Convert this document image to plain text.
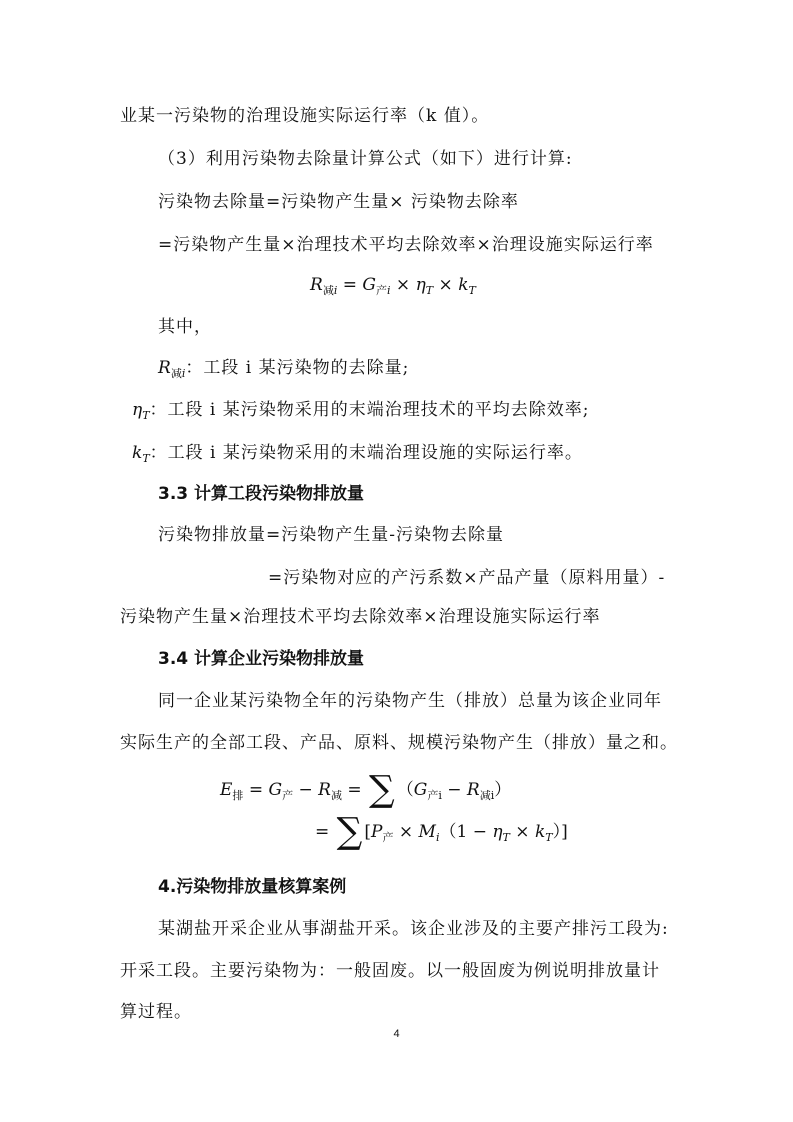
业某一污染物的治理设施实际运行率（k 值）。
（3）利用污染物去除量计算公式（如下）进行计算:
污染物去除量=污染物产生量× 污染物去除率
=污染物产生量×治理技术平均去除效率×治理设施实际运行率
$R_{减i} = G_{产i} \times \eta_T \times k_T$
其中，
$R_{减i}$：工段 i 某污染物的去除量;
$\eta_T$：工段 i 某污染物采用的末端治理技术的平均去除效率;
$k_T$：工段 i 某污染物采用的末端治理设施的实际运行率。
3.3 计算工段污染物排放量
污染物排放量=污染物产生量-污染物去除量
=污染物对应的产污系数×产品产量（原料用量）-
污染物产生量×治理技术平均去除效率×治理设施实际运行率
3.4 计算企业污染物排放量
同一企业某污染物全年的污染物产生（排放）总量为该企业同年
实际生产的全部工段、产品、原料、规模污染物产生（排放）量之和。
$E_排 = G_产 - R_减$ = ∑ $(G_{产i} - R_{减i})$
= ∑ $[P_产 \times M_i(1 - \eta_T \times k_T)]$
4.污染物排放量核算案例
某湖盐开采企业从事湖盐开采。该企业涉及的主要产排污工段为:
开采工段。主要污染物为：一般固废。以一般固废为例说明排放量计
算过程。
4
